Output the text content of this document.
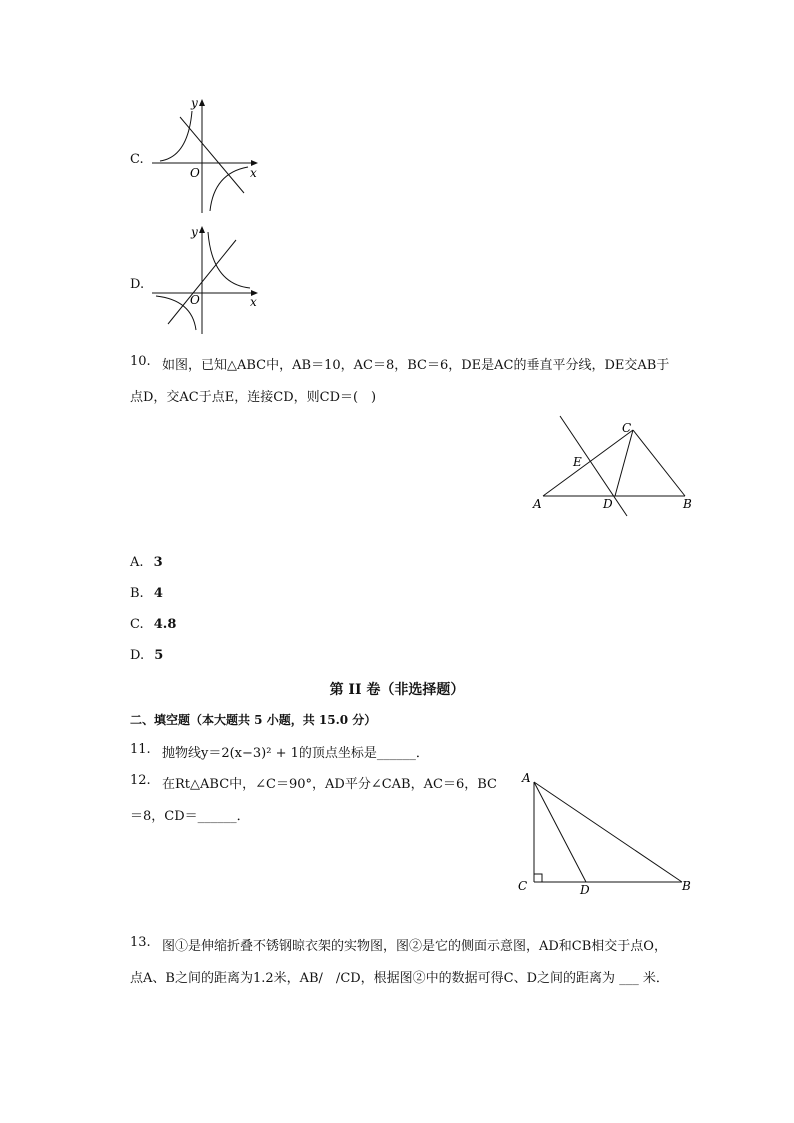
C.
y
x
O
D.
y
x
O
10. 如图，已知△ABC中，AB＝10，AC＝8，BC＝6，DE是AC的垂直平分线，DE交AB于
点D，交AC于点E，连接CD，则CD＝(　)
A	B
C
D
E
A. 3
B. 4
C. 4.8
D. 5
第 II 卷（非选择题）
二、填空题（本大题共 5 小题，共 15.0 分）
11. 抛物线y＝2(x−3)² + 1的顶点坐标是______．
12. 在Rt△ABC中，∠C＝90°，AD平分∠CAB，AC＝6，BC
＝8，CD＝______．
A
C	D	B
13. 图①是伸缩折叠不锈钢晾衣架的实物图，图②是它的侧面示意图，AD和CB相交于点O，
点A、B之间的距离为1.2米，AB/　/CD，根据图②中的数据可得C、D之间的距离为 ___ 米．
